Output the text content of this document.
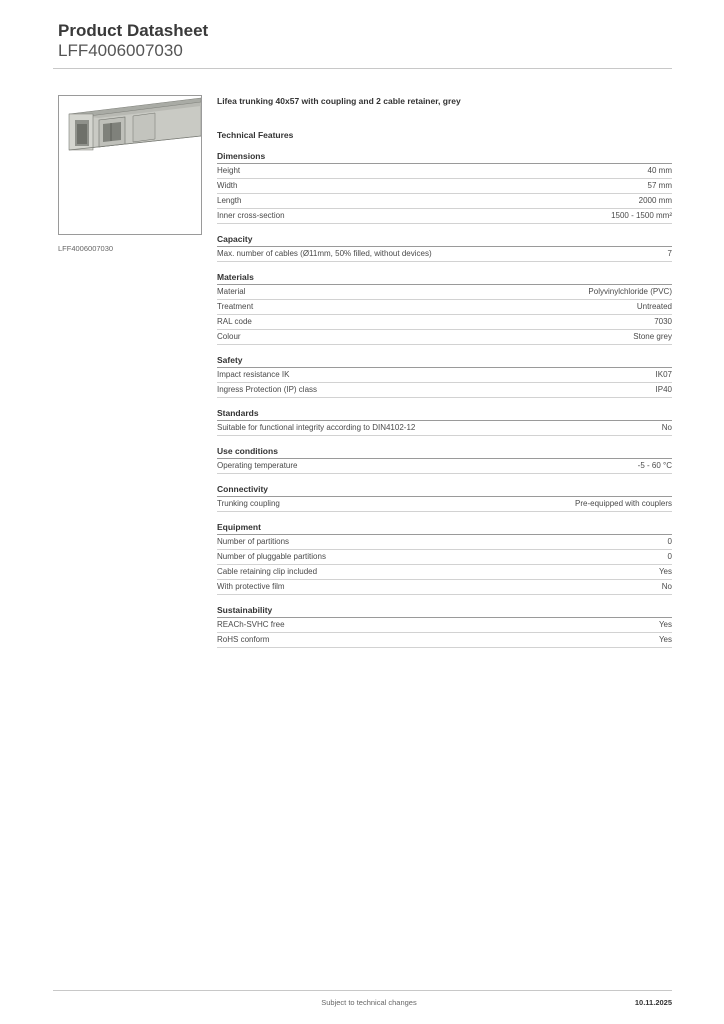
Product Datasheet
LFF4006007030
LFF4006007030
Lifea trunking 40x57 with coupling and 2 cable retainer, grey
Technical Features
Dimensions
Height	40 mm
Width	57 mm
Length	2000 mm
Inner cross-section	1500 - 1500 mm²
Capacity
Max. number of cables (Ø11mm, 50% filled, without devices)	7
Materials
Material	Polyvinylchloride (PVC)
Treatment	Untreated
RAL code	7030
Colour	Stone grey
Safety
Impact resistance IK	IK07
Ingress Protection (IP) class	IP40
Standards
Suitable for functional integrity according to DIN4102-12	No
Use conditions
Operating temperature	-5 - 60 °C
Connectivity
Trunking coupling	Pre-equipped with couplers
Equipment
Number of partitions	0
Number of pluggable partitions	0
Cable retaining clip included	Yes
With protective film	No
Sustainability
REACh-SVHC free	Yes
RoHS conform	Yes
Subject to technical changes	10.11.2025
